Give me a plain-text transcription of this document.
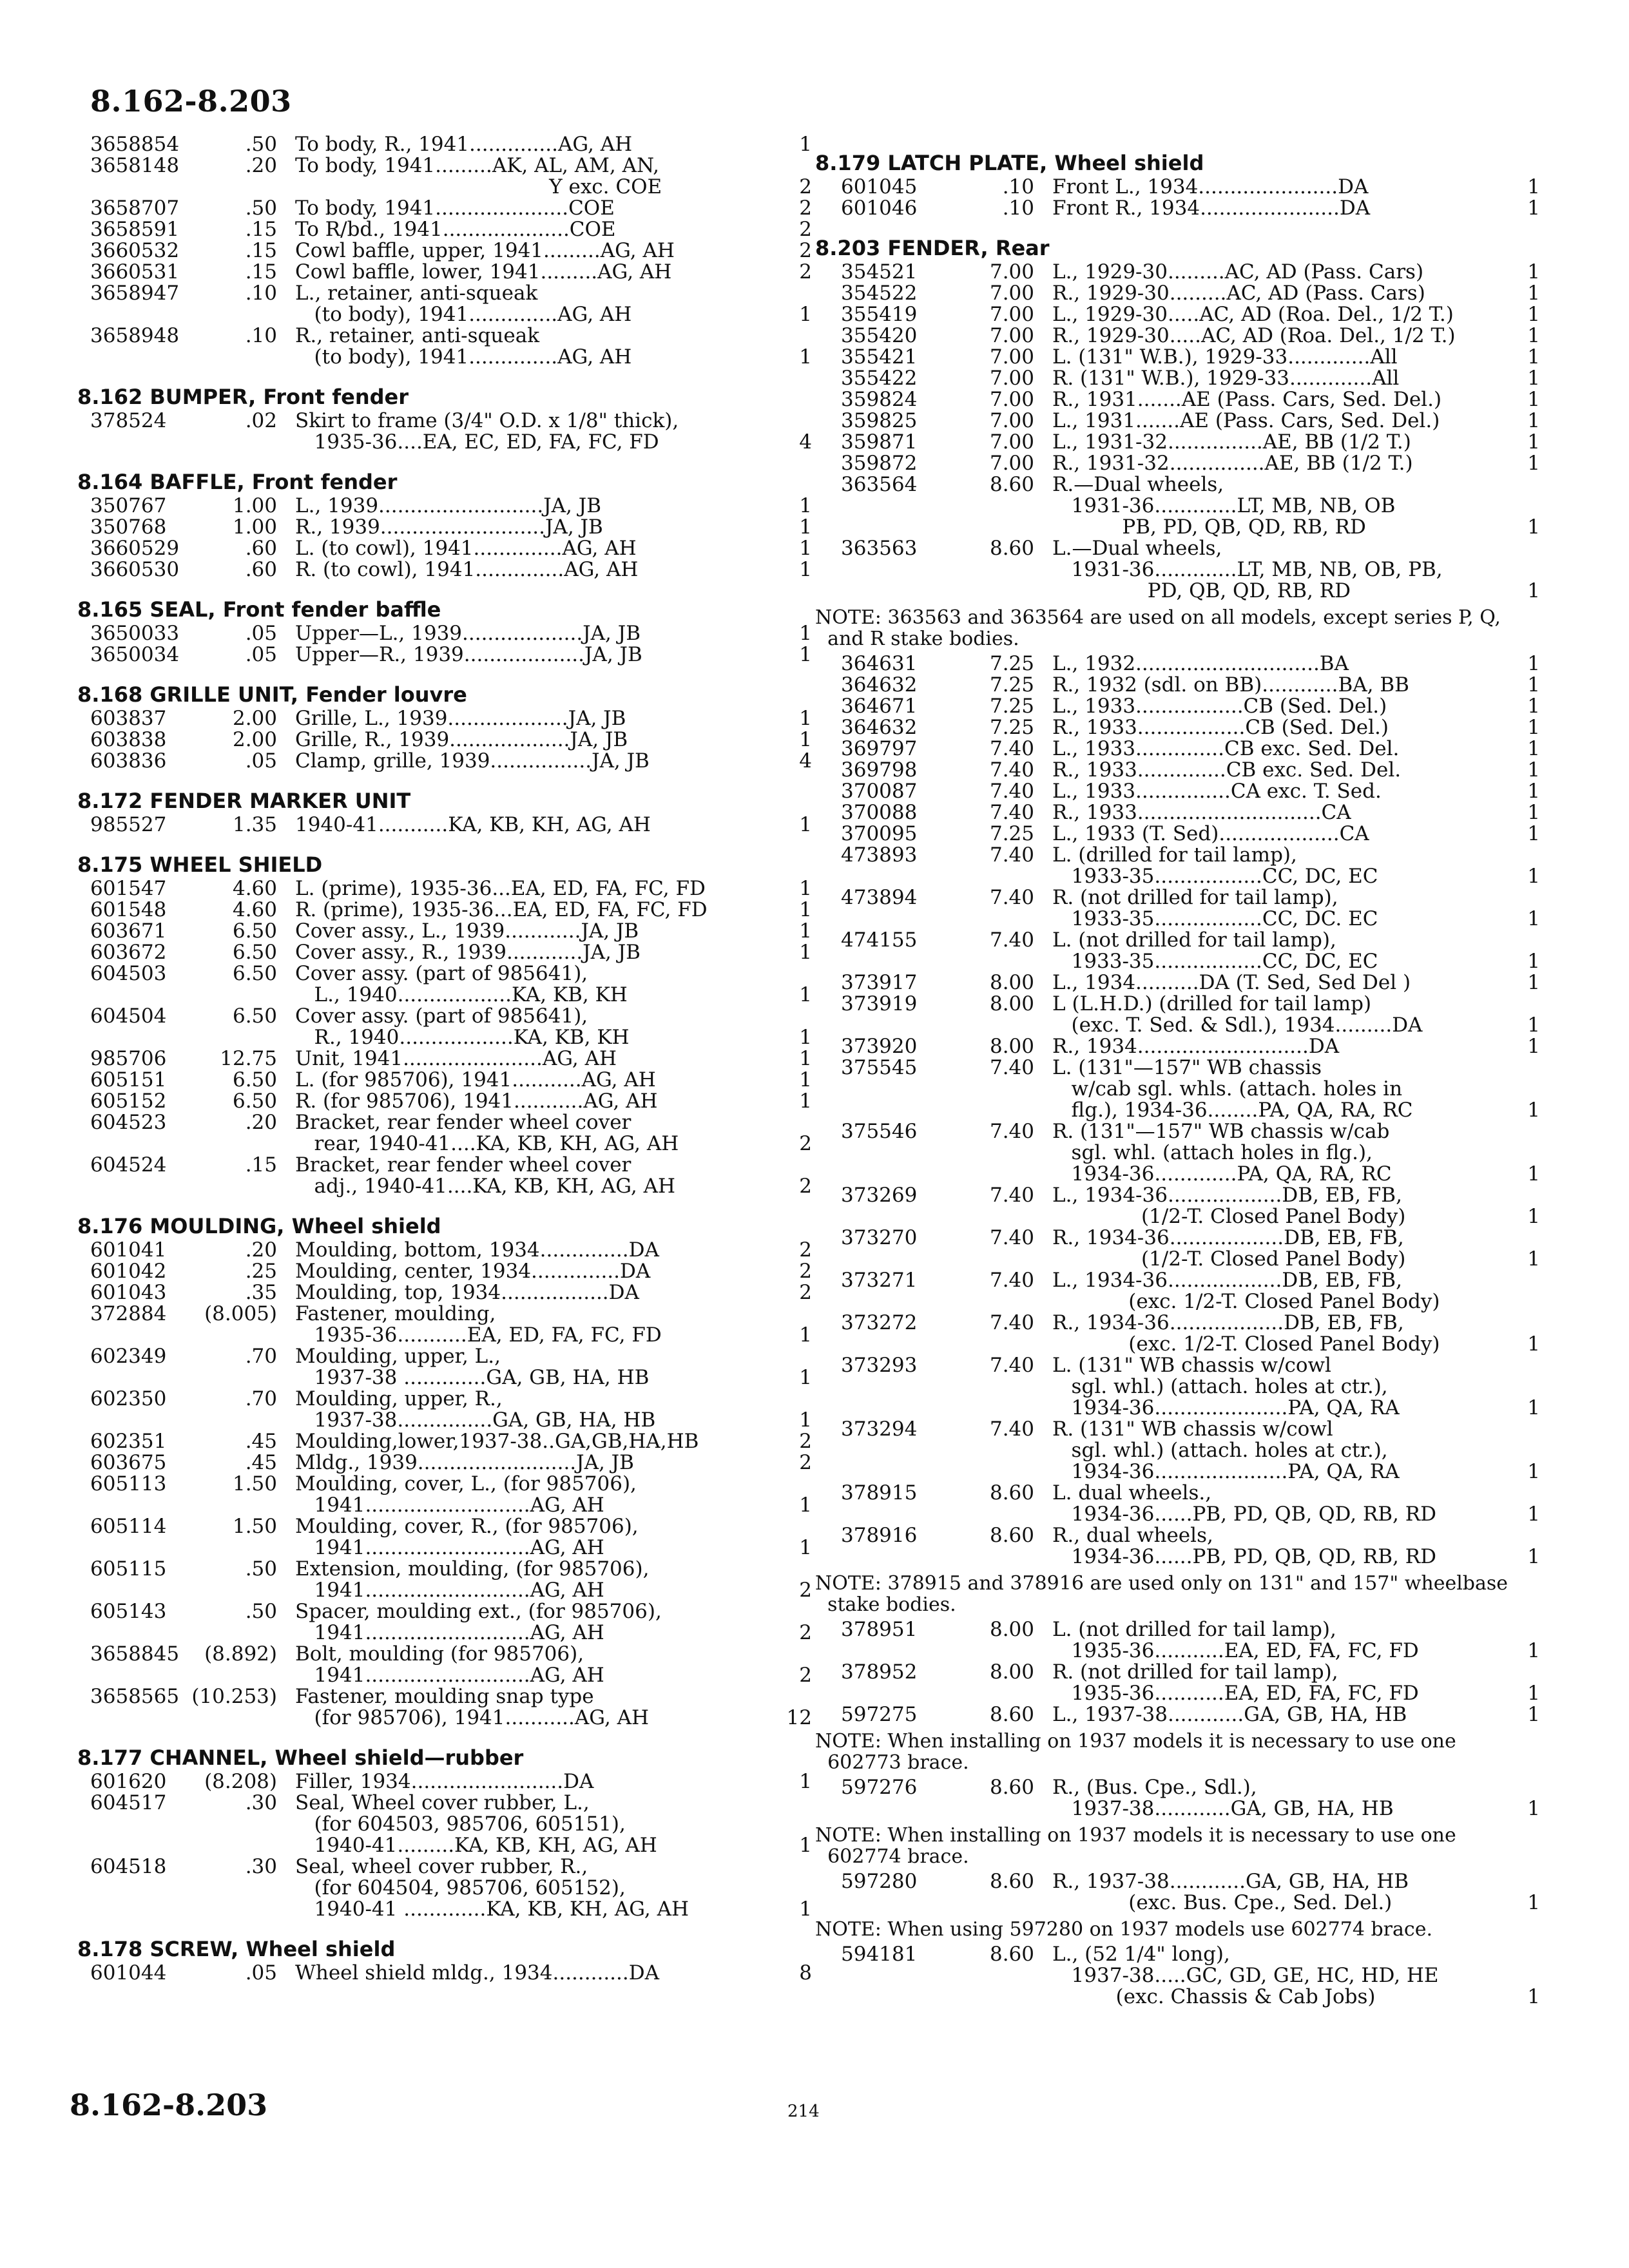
8.162-8.203
3658854	.50 To body, R., 1941..............AG, AH	1
3658148	.20 To body, 1941.........AK, AL, AM, AN,
Y exc. COE	2
3658707	.50 To body, 1941.....................COE	2
3658591	.15 To R/bd., 1941....................COE	2
3660532	.15 Cowl baffle, upper, 1941.........AG, AH	2
3660531	.15 Cowl baffle, lower, 1941.........AG, AH	2
3658947	.10 L., retainer, anti-squeak
(to body), 1941..............AG, AH	1
3658948	.10 R., retainer, anti-squeak
(to body), 1941..............AG, AH	1
8.162 BUMPER, Front fender
378524	.02 Skirt to frame (3/4" O.D. x 1/8" thick),
1935-36....EA, EC, ED, FA, FC, FD	4
8.164 BAFFLE, Front fender
350767	1.00 L., 1939..........................JA, JB	1
350768	1.00 R., 1939..........................JA, JB	1
3660529	.60 L. (to cowl), 1941..............AG, AH	1
3660530	.60 R. (to cowl), 1941..............AG, AH	1
8.165 SEAL, Front fender baffle
3650033	.05 Upper—L., 1939...................JA, JB	1
3650034	.05 Upper—R., 1939...................JA, JB	1
8.168 GRILLE UNIT, Fender louvre
603837	2.00 Grille, L., 1939...................JA, JB	1
603838	2.00 Grille, R., 1939...................JA, JB	1
603836	.05 Clamp, grille, 1939................JA, JB	4
8.172 FENDER MARKER UNIT
985527	1.35 1940-41...........KA, KB, KH, AG, AH	1
8.175 WHEEL SHIELD
601547	4.60 L. (prime), 1935-36...EA, ED, FA, FC, FD	1
601548	4.60 R. (prime), 1935-36...EA, ED, FA, FC, FD	1
603671	6.50 Cover assy., L., 1939............JA, JB	1
603672	6.50 Cover assy., R., 1939............JA, JB	1
604503	6.50 Cover assy. (part of 985641),
L., 1940..................KA, KB, KH	1
604504	6.50 Cover assy. (part of 985641),
R., 1940..................KA, KB, KH	1
985706	12.75 Unit, 1941......................AG, AH	1
605151	6.50 L. (for 985706), 1941...........AG, AH	1
605152	6.50 R. (for 985706), 1941...........AG, AH	1
604523	.20 Bracket, rear fender wheel cover
rear, 1940-41....KA, KB, KH, AG, AH	2
604524	.15 Bracket, rear fender wheel cover
adj., 1940-41....KA, KB, KH, AG, AH	2
8.176 MOULDING, Wheel shield
601041	.20 Moulding, bottom, 1934..............DA	2
601042	.25 Moulding, center, 1934..............DA	2
601043	.35 Moulding, top, 1934.................DA	2
372884	(8.005) Fastener, moulding,
1935-36...........EA, ED, FA, FC, FD	1
602349	.70 Moulding, upper, L.,
1937-38 .............GA, GB, HA, HB	1
602350	.70 Moulding, upper, R.,
1937-38...............GA, GB, HA, HB	1
602351	.45 Moulding,lower,1937-38..GA,GB,HA,HB	2
603675	.45 Mldg., 1939.........................JA, JB	2
605113	1.50 Moulding, cover, L., (for 985706),
1941..........................AG, AH	1
605114	1.50 Moulding, cover, R., (for 985706),
1941..........................AG, AH	1
605115	.50 Extension, moulding, (for 985706),
1941..........................AG, AH	2
605143	.50 Spacer, moulding ext., (for 985706),
1941..........................AG, AH	2
3658845	(8.892) Bolt, moulding (for 985706),
1941..........................AG, AH	2
3658565 (10.253) Fastener, moulding snap type
(for 985706), 1941...........AG, AH	12
8.177 CHANNEL, Wheel shield—rubber
601620	(8.208) Filler, 1934........................DA	1
604517	.30 Seal, Wheel cover rubber, L.,
(for 604503, 985706, 605151),
1940-41.........KA, KB, KH, AG, AH	1
604518	.30 Seal, wheel cover rubber, R.,
(for 604504, 985706, 605152),
1940-41 .............KA, KB, KH, AG, AH	1
8.178 SCREW, Wheel shield
601044	.05 Wheel shield mldg., 1934............DA	8
8.179 LATCH PLATE, Wheel shield
601045	.10 Front L., 1934......................DA	1
601046	.10 Front R., 1934......................DA	1
8.203 FENDER, Rear
354521	7.00 L., 1929-30.........AC, AD (Pass. Cars)	1
354522	7.00 R., 1929-30.........AC, AD (Pass. Cars)	1
355419	7.00 L., 1929-30.....AC, AD (Roa. Del., 1/2 T.)	1
355420	7.00 R., 1929-30.....AC, AD (Roa. Del., 1/2 T.)	1
355421	7.00 L. (131" W.B.), 1929-33.............All	1
355422	7.00 R. (131" W.B.), 1929-33.............All	1
359824	7.00 R., 1931.......AE (Pass. Cars, Sed. Del.)	1
359825	7.00 L., 1931.......AE (Pass. Cars, Sed. Del.)	1
359871	7.00 L., 1931-32...............AE, BB (1/2 T.)	1
359872	7.00 R., 1931-32...............AE, BB (1/2 T.)	1
363564	8.60 R.—Dual wheels,
1931-36.............LT, MB, NB, OB
PB, PD, QB, QD, RB, RD	1
363563	8.60 L.—Dual wheels,
1931-36.............LT, MB, NB, OB, PB,
PD, QB, QD, RB, RD	1
NOTE: 363563 and 363564 are used on all models, except series P, Q,
and R stake bodies.
364631	7.25 L., 1932.............................BA	1
364632	7.25 R., 1932 (sdl. on BB)............BA, BB	1
364671	7.25 L., 1933.................CB (Sed. Del.)	1
364632	7.25 R., 1933.................CB (Sed. Del.)	1
369797	7.40 L., 1933..............CB exc. Sed. Del.	1
369798	7.40 R., 1933..............CB exc. Sed. Del.	1
370087	7.40 L., 1933...............CA exc. T. Sed.	1
370088	7.40 R., 1933.............................CA	1
370095	7.25 L., 1933 (T. Sed)...................CA	1
473893	7.40 L. (drilled for tail lamp),
1933-35.................CC, DC, EC	1
473894	7.40 R. (not drilled for tail lamp),
1933-35.................CC, DC. EC	1
474155	7.40 L. (not drilled for tail lamp),
1933-35.................CC, DC, EC	1
373917	8.00 L., 1934..........DA (T. Sed, Sed Del )	1
373919	8.00 L (L.H.D.) (drilled for tail lamp)
(exc. T. Sed. & Sdl.), 1934.........DA	1
373920	8.00 R., 1934...........................DA	1
375545	7.40 L. (131"—157" WB chassis
w/cab sgl. whls. (attach. holes in
flg.), 1934-36........PA, QA, RA, RC	1
375546	7.40 R. (131"—157" WB chassis w/cab
sgl. whl. (attach holes in flg.),
1934-36.............PA, QA, RA, RC	1
373269	7.40 L., 1934-36..................DB, EB, FB,
(1/2-T. Closed Panel Body)	1
373270	7.40 R., 1934-36..................DB, EB, FB,
(1/2-T. Closed Panel Body)	1
373271	7.40 L., 1934-36..................DB, EB, FB,
(exc. 1/2-T. Closed Panel Body)
373272	7.40 R., 1934-36..................DB, EB, FB,
(exc. 1/2-T. Closed Panel Body)	1
373293	7.40 L. (131" WB chassis w/cowl
sgl. whl.) (attach. holes at ctr.),
1934-36.....................PA, QA, RA	1
373294	7.40 R. (131" WB chassis w/cowl
sgl. whl.) (attach. holes at ctr.),
1934-36.....................PA, QA, RA	1
378915	8.60 L. dual wheels.,
1934-36......PB, PD, QB, QD, RB, RD	1
378916	8.60 R., dual wheels,
1934-36......PB, PD, QB, QD, RB, RD	1
NOTE: 378915 and 378916 are used only on 131" and 157" wheelbase
stake bodies.
378951	8.00 L. (not drilled for tail lamp),
1935-36...........EA, ED, FA, FC, FD	1
378952	8.00 R. (not drilled for tail lamp),
1935-36...........EA, ED, FA, FC, FD	1
597275	8.60 L., 1937-38............GA, GB, HA, HB	1
NOTE: When installing on 1937 models it is necessary to use one
602773 brace.
597276	8.60 R., (Bus. Cpe., Sdl.),
1937-38............GA, GB, HA, HB	1
NOTE: When installing on 1937 models it is necessary to use one
602774 brace.
597280	8.60 R., 1937-38............GA, GB, HA, HB
(exc. Bus. Cpe., Sed. Del.)	1
NOTE: When using 597280 on 1937 models use 602774 brace.
594181	8.60 L., (52 1/4" long),
1937-38.....GC, GD, GE, HC, HD, HE
(exc. Chassis & Cab Jobs)	1
8.162-8.203	214
